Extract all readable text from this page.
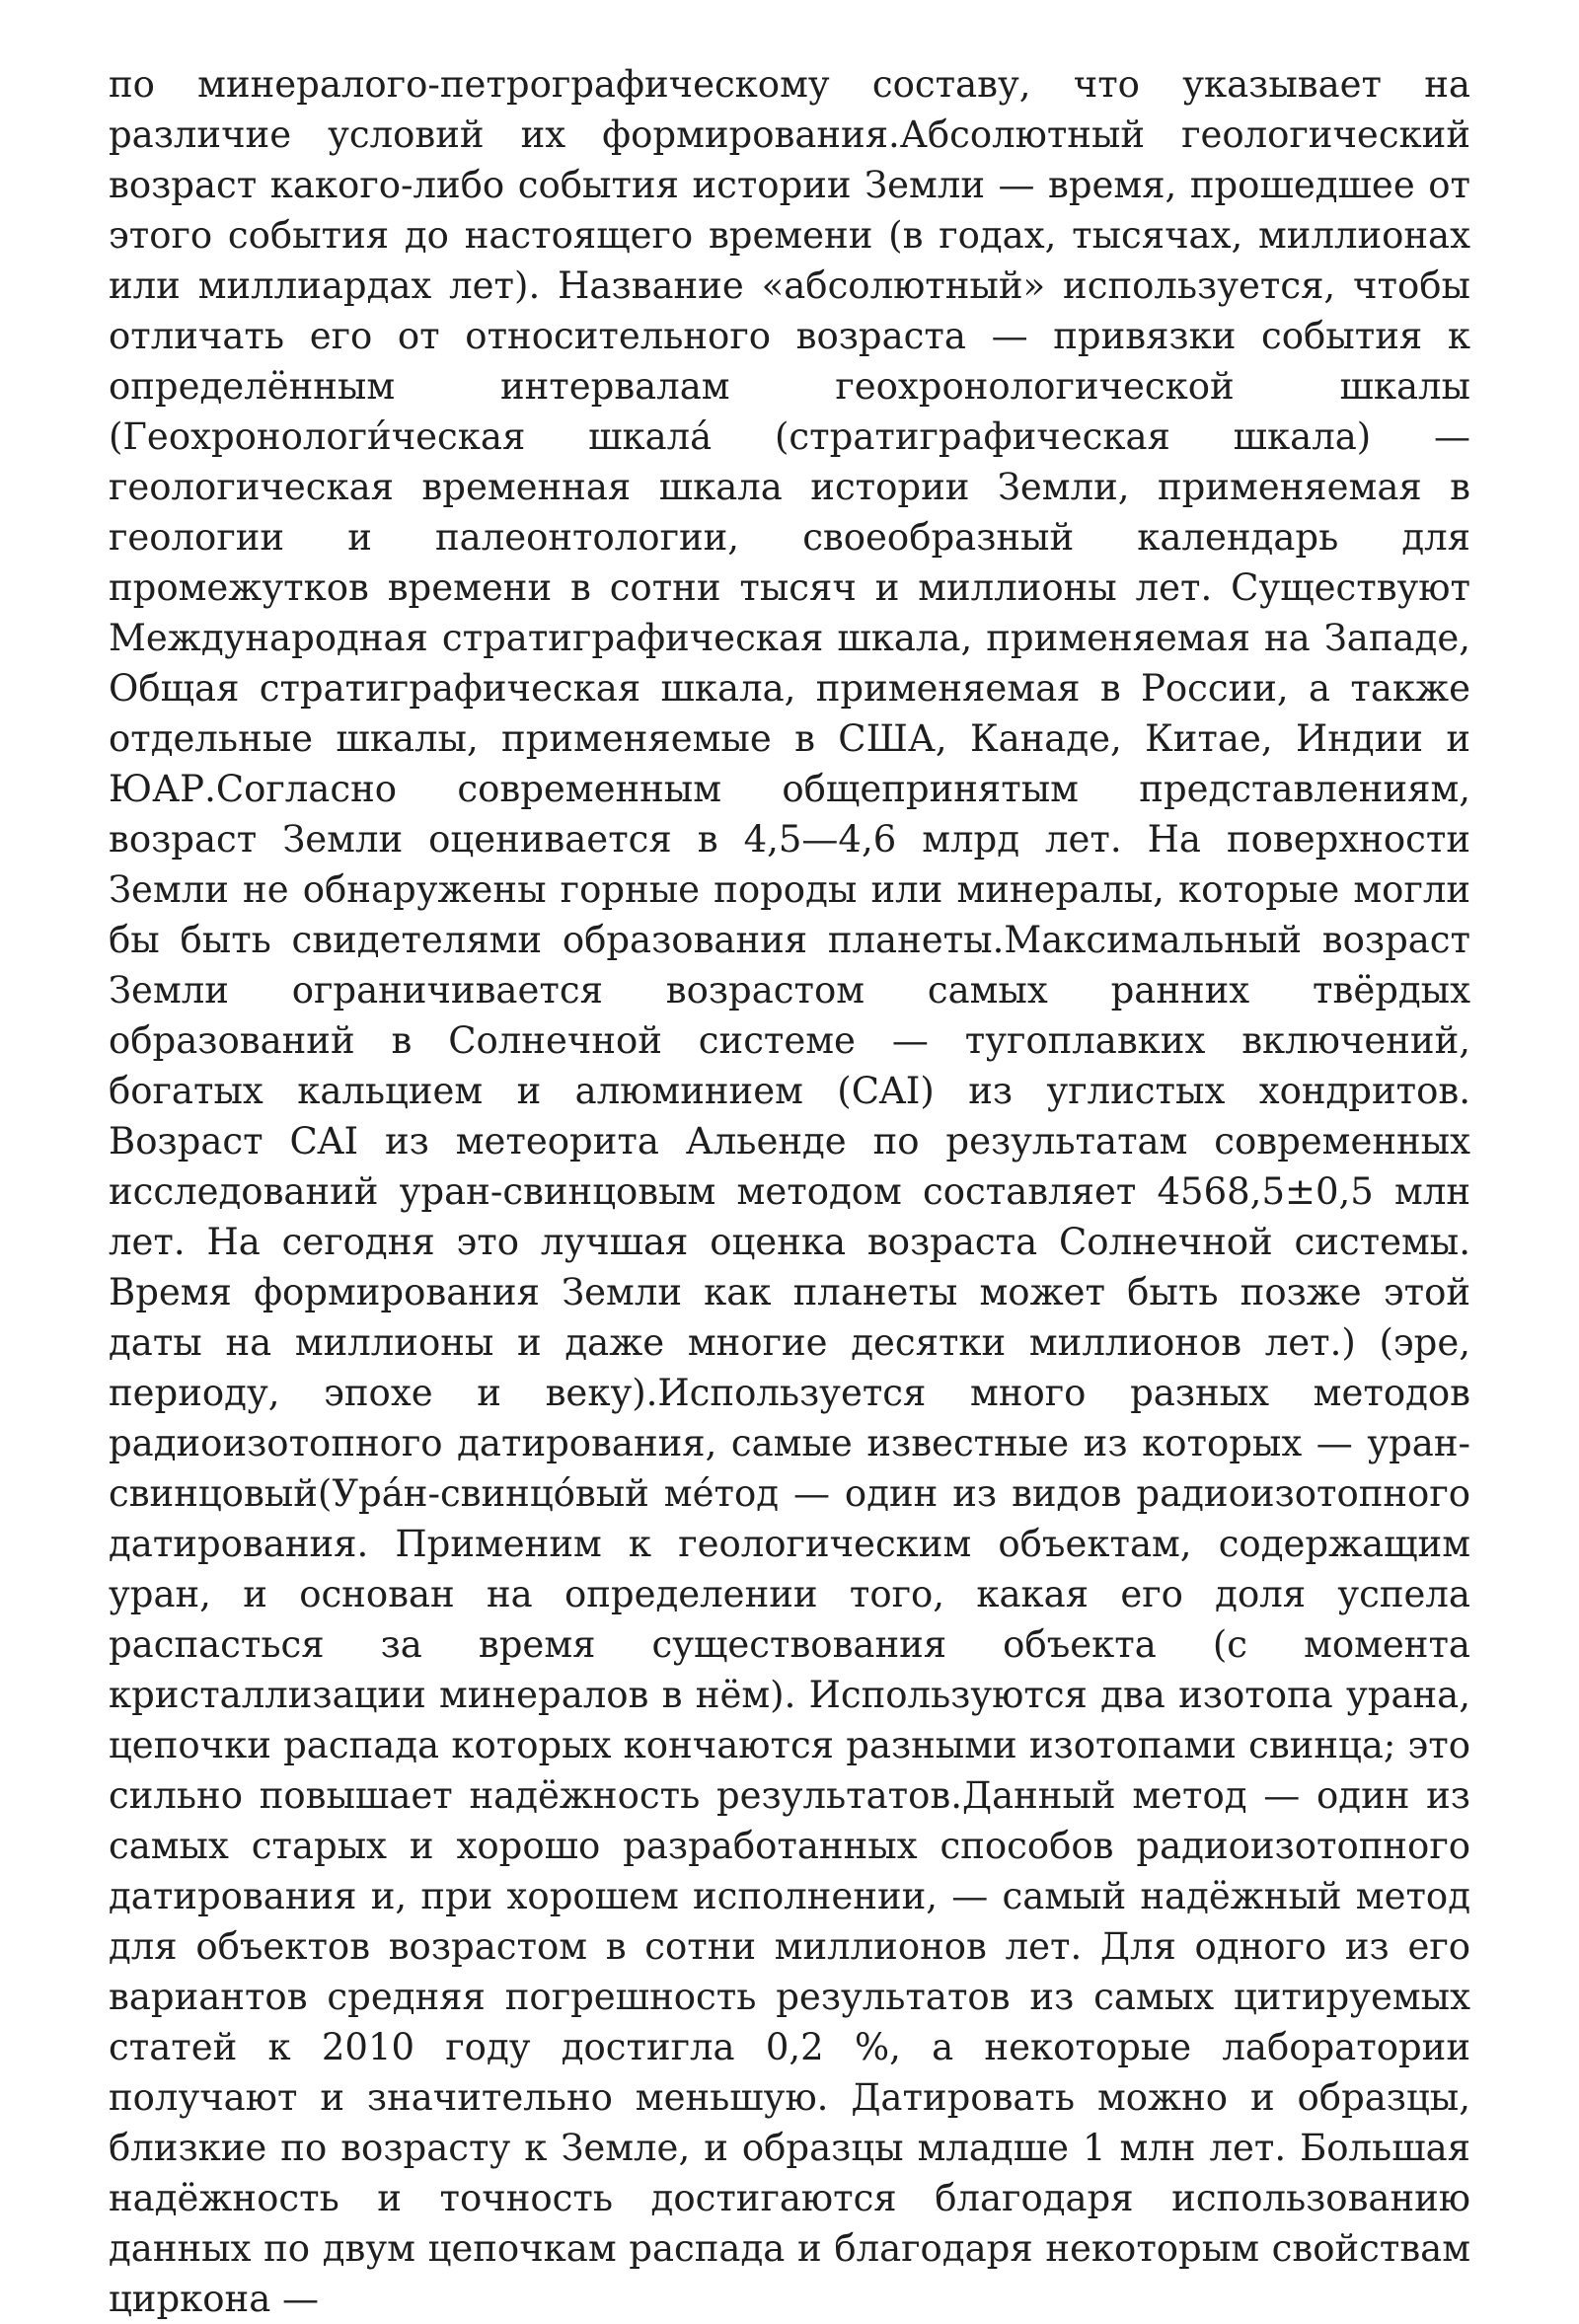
по минералого-петрографическому составу, что указывает на различие условий их формирования.Абсолютный геологический возраст какого-либо события истории Земли — время, прошедшее от этого события до настоящего времени (в годах, тысячах, миллионах или миллиардах лет). Название «абсолютный» используется, чтобы отличать его от относительного возраста — привязки события к определённым интервалам геохронологической шкалы (Геохронологи́ческая шкала́ (стратиграфическая шкала) — геологическая временная шкала истории Земли, применяемая в геологии и палеонтологии, своеобразный календарь для промежутков времени в сотни тысяч и миллионы лет. Существуют Международная стратиграфическая шкала, применяемая на Западе, Общая стратиграфическая шкала, применяемая в России, а также отдельные шкалы, применяемые в США, Канаде, Китае, Индии и ЮАР.Согласно современным общепринятым представлениям, возраст Земли оценивается в 4,5—4,6 млрд лет. На поверхности Земли не обнаружены горные породы или минералы, которые могли бы быть свидетелями образования планеты.Максимальный возраст Земли ограничивается возрастом самых ранних твёрдых образований в Солнечной системе — тугоплавких включений, богатых кальцием и алюминием (CAI) из углистых хондритов. Возраст CAI из метеорита Альенде по результатам современных исследований уран-свинцовым методом составляет 4568,5±0,5 млн лет. На сегодня это лучшая оценка возраста Солнечной системы. Время формирования Земли как планеты может быть позже этой даты на миллионы и даже многие десятки миллионов лет.) (эре, периоду, эпохе и веку).Используется много разных методов радиоизотопного датирования, самые известные из которых — уран-свинцовый(Ура́н-свинцо́вый ме́тод — один из видов радиоизотопного датирования. Применим к геологическим объектам, содержащим уран, и основан на определении того, какая его доля успела распасться за время существования объекта (с момента кристаллизации минералов в нём). Используются два изотопа урана, цепочки распада которых кончаются разными изотопами свинца; это сильно повышает надёжность результатов.Данный метод — один из самых старых и хорошо разработанных способов радиоизотопного датирования и, при хорошем исполнении, — самый надёжный метод для объектов возрастом в сотни миллионов лет. Для одного из его вариантов средняя погрешность результатов из самых цитируемых статей к 2010 году достигла 0,2 %, а некоторые лаборатории получают и значительно меньшую. Датировать можно и образцы, близкие по возрасту к Земле, и образцы младше 1 млн лет. Большая надёжность и точность достигаются благодаря использованию данных по двум цепочкам распада и благодаря некоторым свойствам циркона —
